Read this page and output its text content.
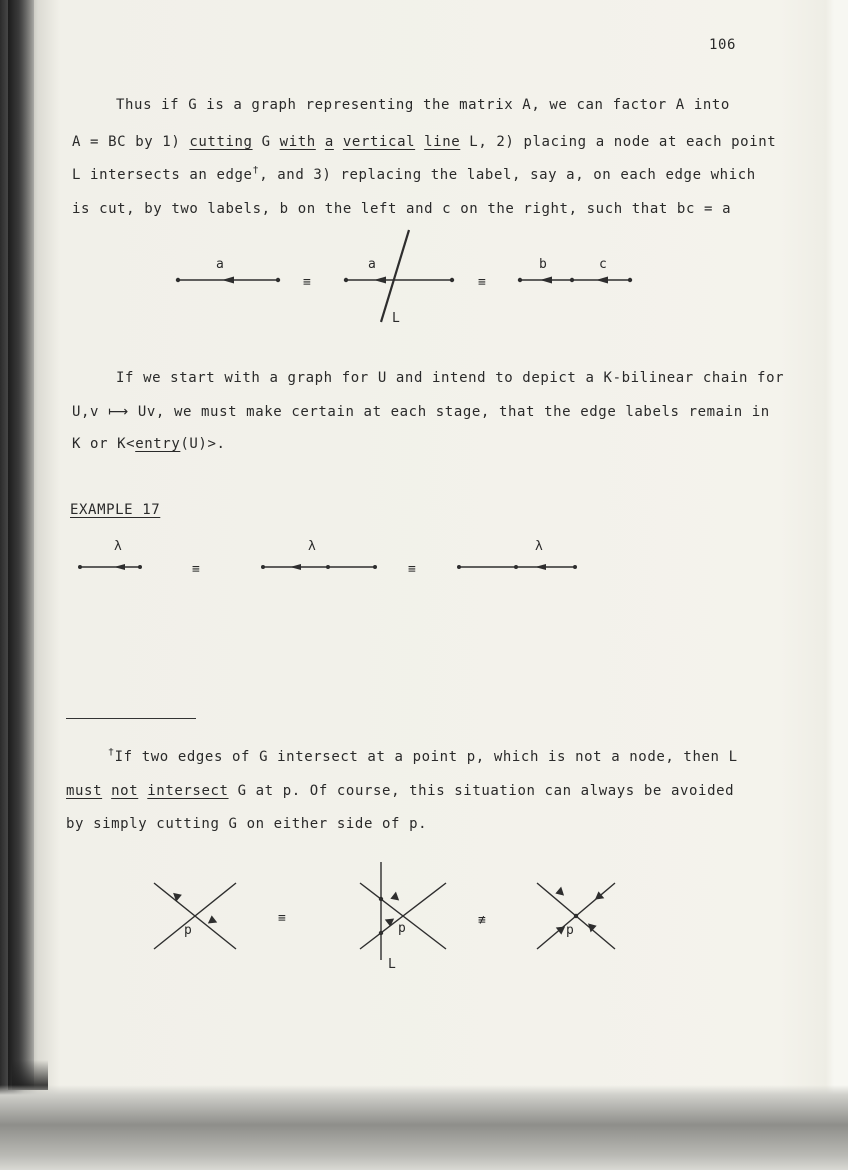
106
Thus if G is a graph representing the matrix A, we can factor A into
A = BC by 1) cutting G with a vertical line L, 2) placing a node at each point
L intersects an edge†, and 3) replacing the label, say a, on each edge which
is cut, by two labels, b on the left and c on the right, such that bc = a
a
≡
a
L
≡
b	c
If we start with a graph for U and intend to depict a K-bilinear chain for
U,v ⟼ Uv, we must make certain at each stage, that the edge labels remain in
K or K<entry(U)>.
EXAMPLE 17
λ
≡
λ
≡
λ
†If two edges of G intersect at a point p, which is not a node, then L
must not intersect G at p. Of course, this situation can always be avoided
by simply cutting G on either side of p.
p
≡
p
L
≢
p
